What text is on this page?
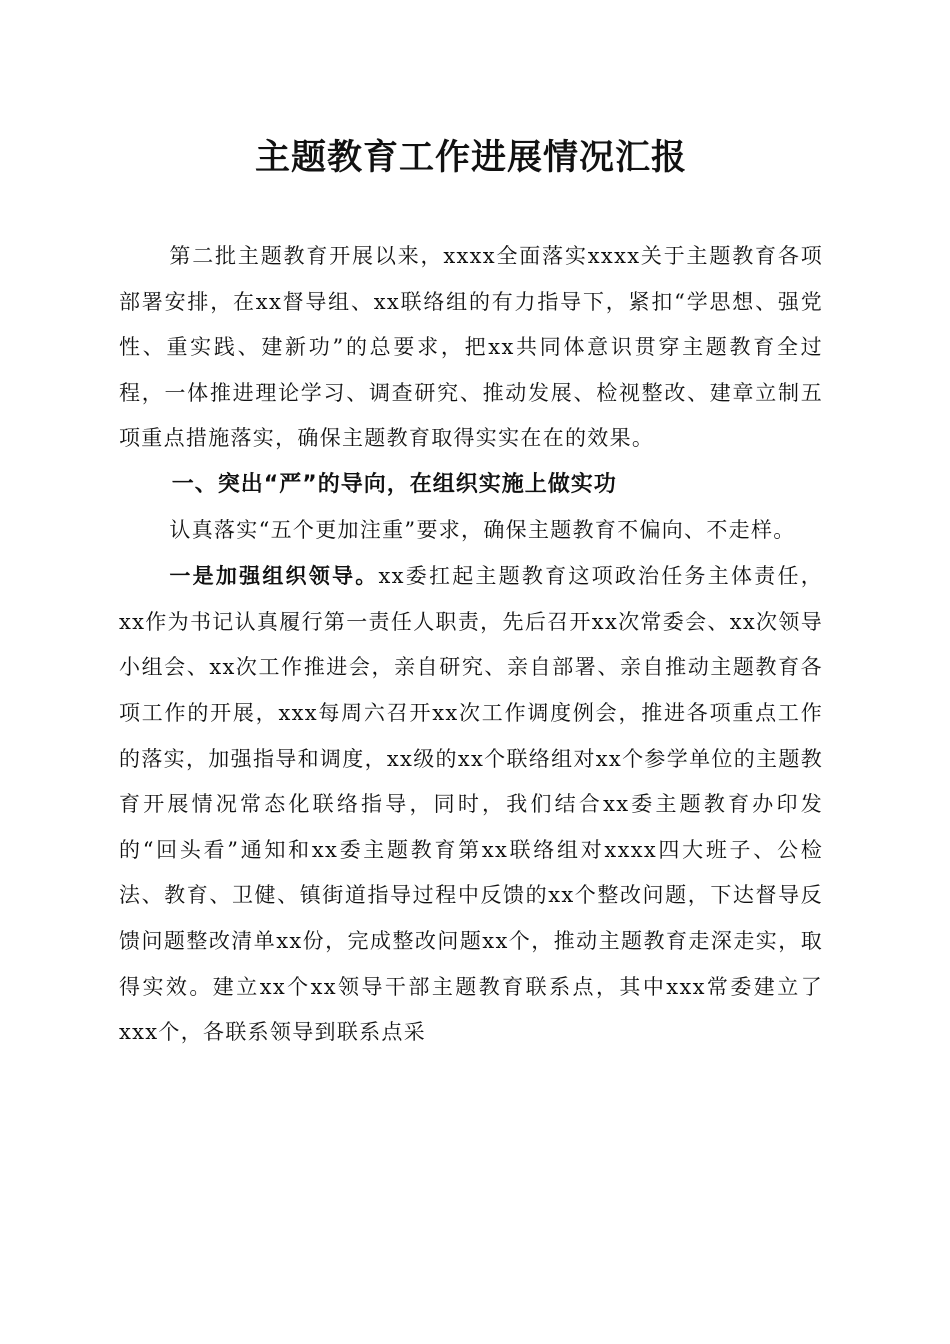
主题教育工作进展情况汇报

第二批主题教育开展以来，xxxx全面落实xxxx关于主题教育各项部署安排，在xx督导组、xx联络组的有力指导下，紧扣“学思想、强党性、重实践、建新功”的总要求，把xx共同体意识贯穿主题教育全过程，一体推进理论学习、调查研究、推动发展、检视整改、建章立制五项重点措施落实，确保主题教育取得实实在在的效果。

一、突出“严”的导向，在组织实施上做实功

认真落实“五个更加注重”要求，确保主题教育不偏向、不走样。

一是加强组织领导。xx委扛起主题教育这项政治任务主体责任，xx作为书记认真履行第一责任人职责，先后召开xx次常委会、xx次领导小组会、xx次工作推进会，亲自研究、亲自部署、亲自推动主题教育各项工作的开展，xxx每周六召开xx次工作调度例会，推进各项重点工作的落实，加强指导和调度，xx级的xx个联络组对xx个参学单位的主题教育开展情况常态化联络指导，同时，我们结合xx委主题教育办印发的“回头看”通知和xx委主题教育第xx联络组对xxxx四大班子、公检法、教育、卫健、镇街道指导过程中反馈的xx个整改问题，下达督导反馈问题整改清单xx份，完成整改问题xx个，推动主题教育走深走实，取得实效。建立xx个xx领导干部主题教育联系点，其中xxx常委建立了xxx个，各联系领导到联系点采
